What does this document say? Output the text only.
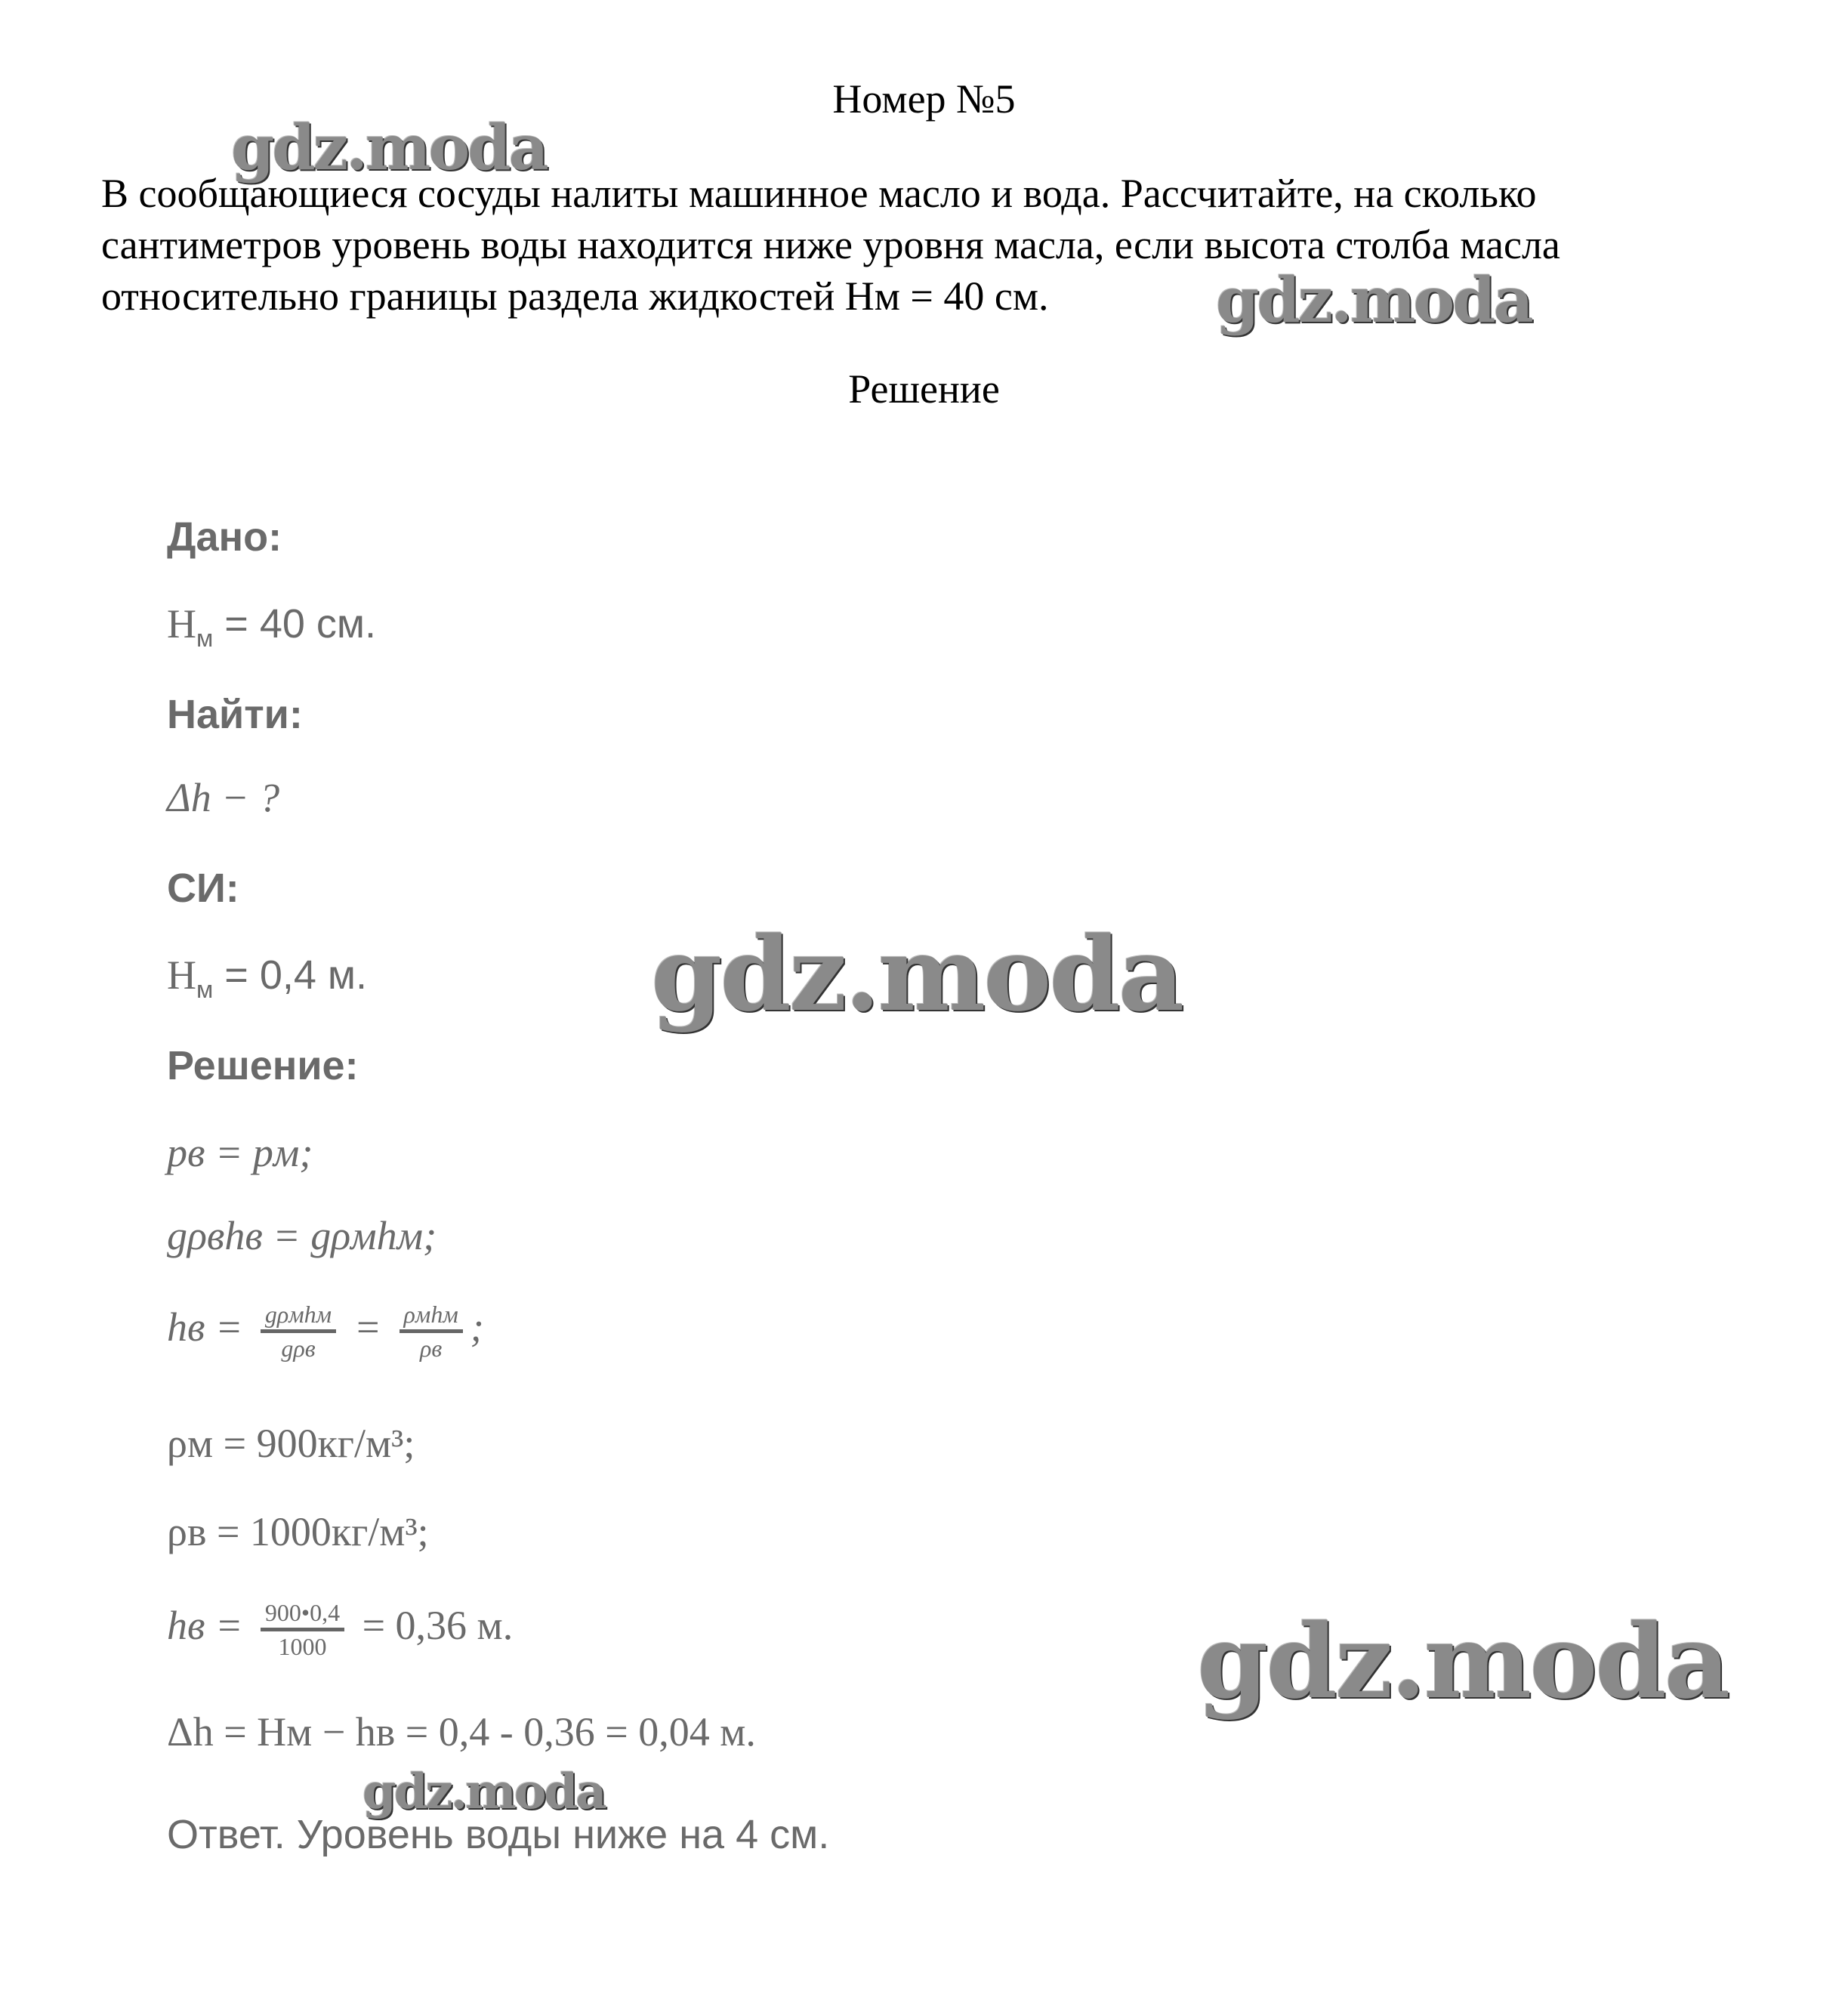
Номер №5
В сообщающиеся сосуды налиты машинное масло и вода. Рассчитайте, на сколько
сантиметров уровень воды находится ниже уровня масла, если высота столба масла
относительно границы раздела жидкостей Нм = 40 см.
Решение
Дано:
$H_м = 40$ см.
Найти:
Δh − ?
СИ:
$H_м = 0,4$ м.
Решение:
pв = pм;
gρвhв = gρмhм;
hв = $\frac{\text{gρмhм}}{\text{gρв}} = \frac{\text{ρмhм}}{\rho в}$ ;
ρм = 900кг/м³;
ρв = 1000кг/м³;
hв = $\frac{900•0,4}{1000} = 0,36$ м.
Δh = Hм − hв = 0,4 - 0,36 = 0,04 м.
Ответ. Уровень воды ниже на 4 см.
gdz.moda
gdz.moda
gdz.moda
gdz.moda
gdz.moda
